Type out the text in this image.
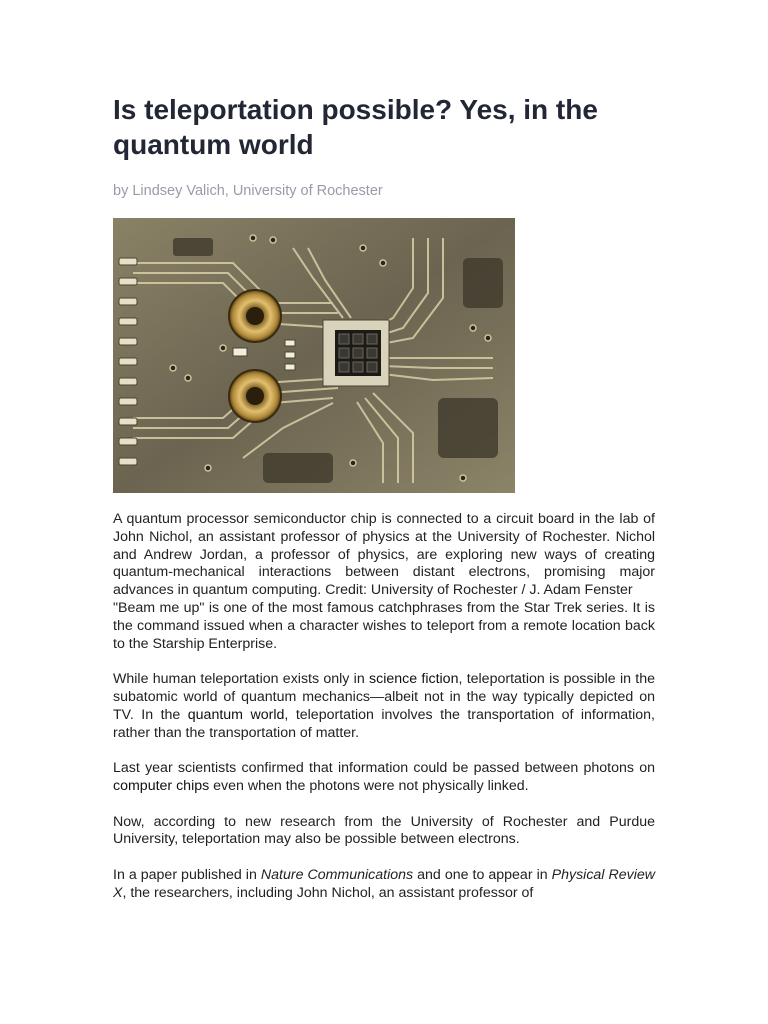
Is teleportation possible? Yes, in the quantum world

by Lindsey Valich, University of Rochester

A quantum processor semiconductor chip is connected to a circuit board in the lab of John Nichol, an assistant professor of physics at the University of Rochester. Nichol and Andrew Jordan, a professor of physics, are exploring new ways of creating quantum-mechanical interactions between distant electrons, promising major advances in quantum computing. Credit: University of Rochester / J. Adam Fenster

"Beam me up" is one of the most famous catchphrases from the Star Trek series. It is the command issued when a character wishes to teleport from a remote location back to the Starship Enterprise.

While human teleportation exists only in science fiction, teleportation is possible in the subatomic world of quantum mechanics—albeit not in the way typically depicted on TV. In the quantum world, teleportation involves the transportation of information, rather than the transportation of matter.

Last year scientists confirmed that information could be passed between photons on computer chips even when the photons were not physically linked.

Now, according to new research from the University of Rochester and Purdue University, teleportation may also be possible between electrons.

In a paper published in Nature Communications and one to appear in Physical Review X, the researchers, including John Nichol, an assistant professor of
